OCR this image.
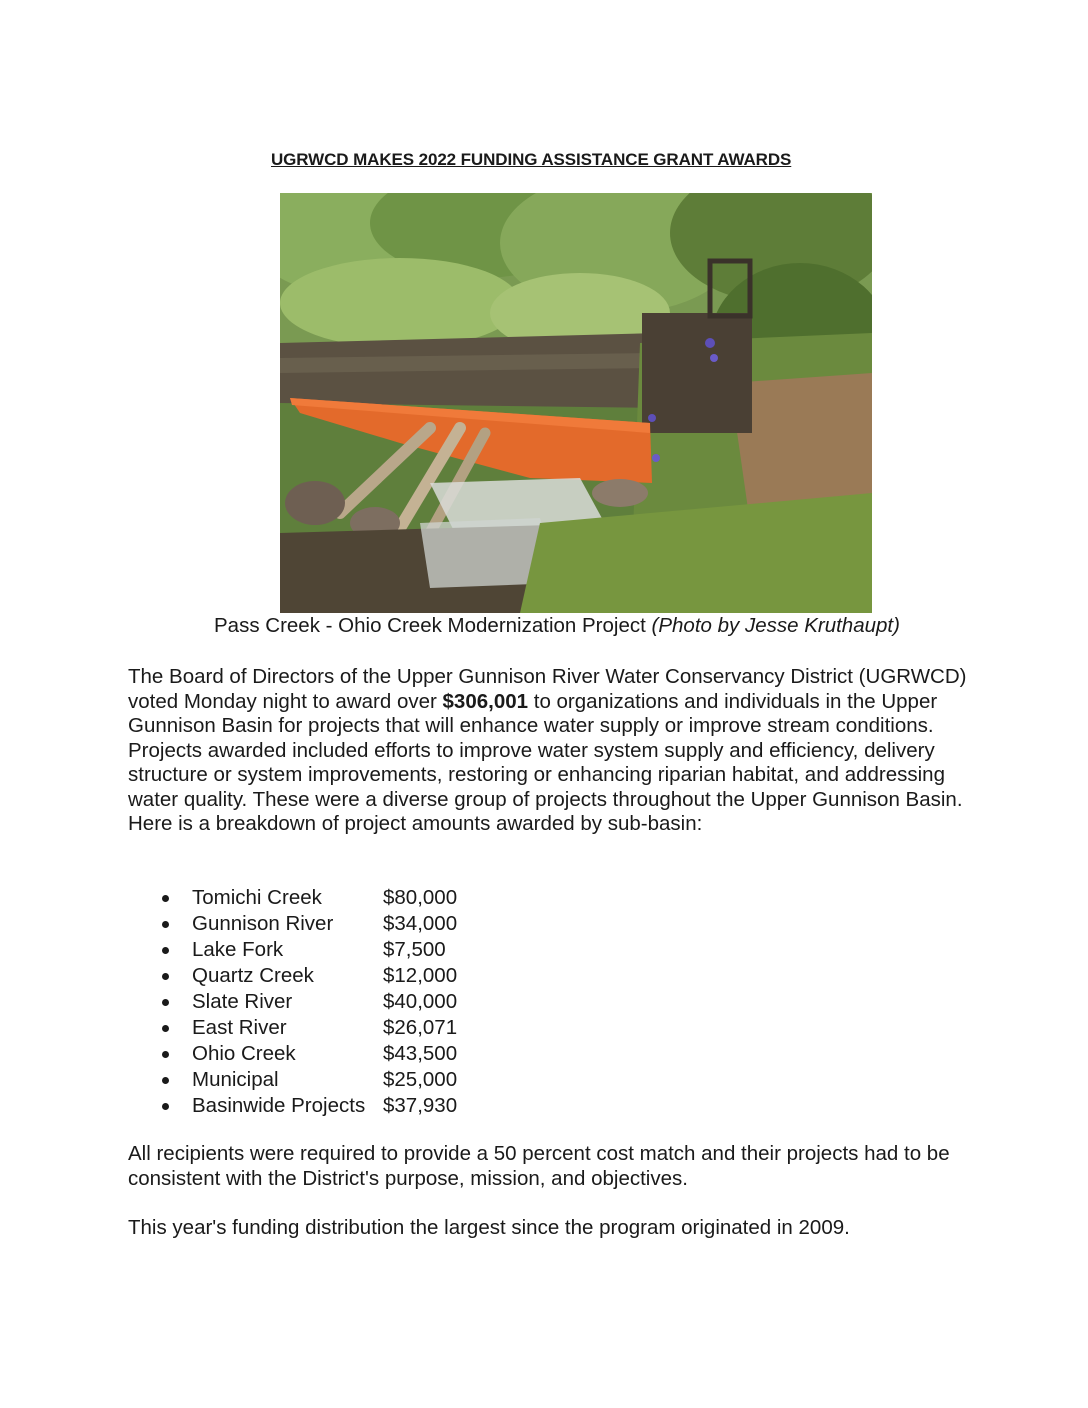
UGRWCD MAKES 2022 FUNDING ASSISTANCE GRANT AWARDS
Pass Creek - Ohio Creek Modernization Project (Photo by Jesse Kruthaupt)

The Board of Directors of the Upper Gunnison River Water Conservancy District (UGRWCD) voted Monday night to award over $306,001 to organizations and individuals in the Upper Gunnison Basin for projects that will enhance water supply or improve stream conditions. Projects awarded included efforts to improve water system supply and efficiency, delivery structure or system improvements, restoring or enhancing riparian habitat, and addressing water quality. These were a diverse group of projects throughout the Upper Gunnison Basin. Here is a breakdown of project amounts awarded by sub-basin:

Tomichi Creek	$80,000
Gunnison River $34,000
Lake Fork	$7,500
Quartz Creek	$12,000
Slate River	$40,000
East River	$26,071
Ohio Creek	$43,500
Municipal	$25,000
Basinwide Projects $37,930

All recipients were required to provide a 50 percent cost match and their projects had to be consistent with the District's purpose, mission, and objectives.

This year's funding distribution the largest since the program originated in 2009.
